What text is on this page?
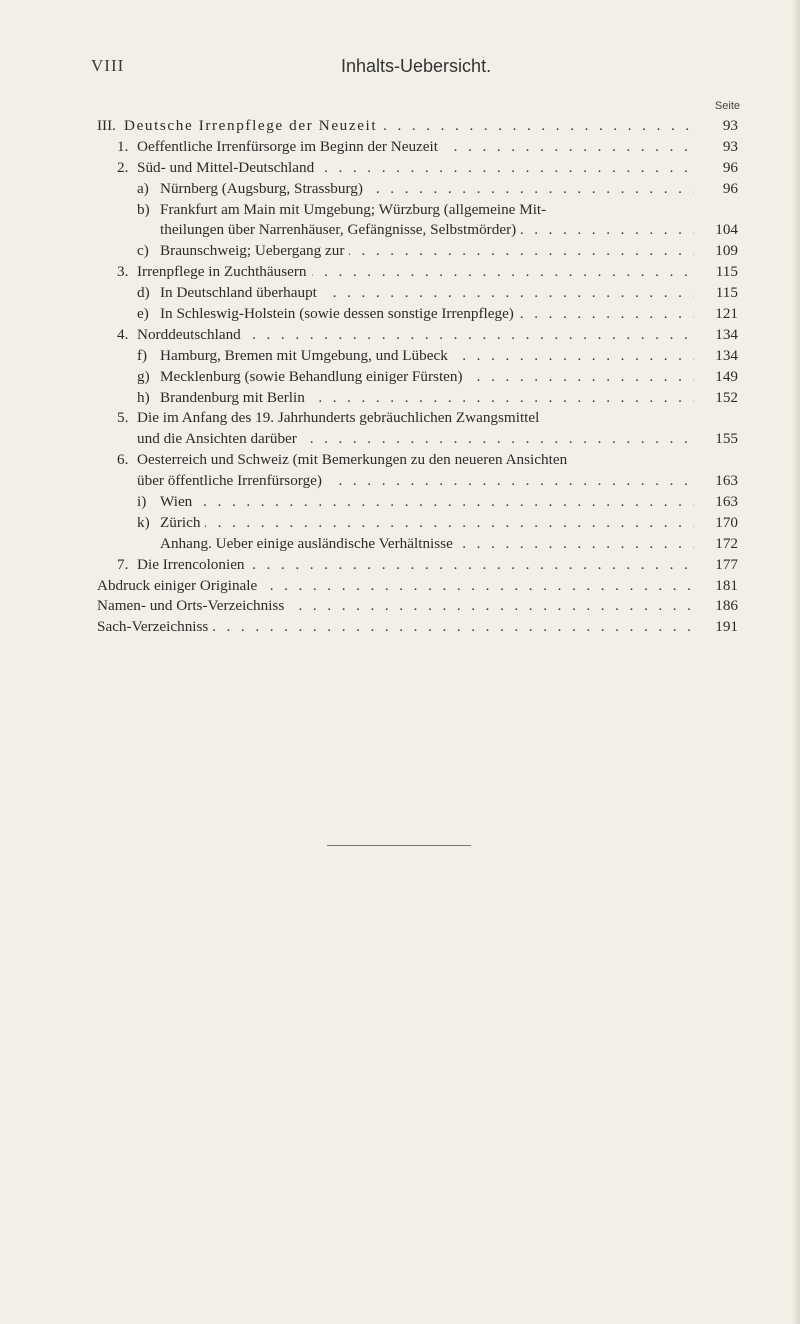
VIII	Inhalts-Uebersicht.
Seite
III. Deutsche Irrenpflege der Neuzeit . . .	93
1. Oeffentliche Irrenfürsorge im Beginn der Neuzeit . . .	93
2. Süd- und Mittel-Deutschland . . .	96
a) Nürnberg (Augsburg, Strassburg) . . .	96
b) Frankfurt am Main mit Umgebung; Würzburg (allgemeine Mit-
theilungen über Narrenhäuser, Gefängnisse, Selbstmörder) . . .	104
c) Braunschweig; Uebergang zur . . .	109
3. Irrenpflege in Zuchthäusern . . .	115
d) In Deutschland überhaupt . . .	115
e) In Schleswig-Holstein (sowie dessen sonstige Irrenpflege) . . .	121
4. Norddeutschland . . .	134
f) Hamburg, Bremen mit Umgebung, und Lübeck . . .	134
g) Mecklenburg (sowie Behandlung einiger Fürsten) . . .	149
h) Brandenburg mit Berlin . . .	152
5. Die im Anfang des 19. Jahrhunderts gebräuchlichen Zwangsmittel
und die Ansichten darüber . . .	155
6. Oesterreich und Schweiz (mit Bemerkungen zu den neueren Ansichten
über öffentliche Irrenfürsorge) . . .	163
i) Wien . . .	163
k) Zürich . . .	170
Anhang. Ueber einige ausländische Verhältnisse . . .	172
7. Die Irrencolonien . . .	177
Abdruck einiger Originale . . .	181
Namen- und Orts-Verzeichniss . . .	186
Sach-Verzeichniss . . .	191
